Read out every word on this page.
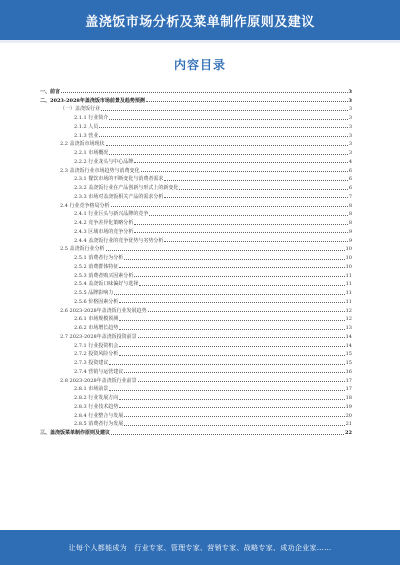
盖浇饭市场分析及菜单制作原则及建议
内容目录
一、前言	3
二、2023-2028年盖浇饭市场前景及趋势预测	3
（一）盖浇饭行业	3
2.1.1 行业简介	3
2.1.2 人员	3
2.1.3 营业	3
2.2 盖浇饭市场现状	3
2.2.1 市场概况	3
2.2.2 行业龙头与中心品牌	4
2.3 盖浇饭行业市场趋势与消费变化	6
2.3.1 餐饮市场的不断变化与消费者需求	6
2.3.2 盖浇饭行业在产品创新与形式上的新变化	6
2.3.3 市场对盖浇饭相关产品的需求分析	7
2.4 行业竞争格局分析	8
2.4.1 行业巨头与新兴品牌的竞争	8
2.4.2 竞争差异化策略分析	8
2.4.3 区域市场的竞争分析	9
2.4.4 盖浇饭行业的竞争优势与劣势分析	9
2.5 盖浇饭行业分析	10
2.5.1 消费者行为分析	10
2.5.2 消费群体特征	10
2.5.3 消费者购买因素分析	11
2.5.4 盖浇饭口味偏好与选择	11
2.5.5 品牌影响力	11
2.5.6 价格因素分析	11
2.6 2023-2028年盖浇饭行业发展趋势	12
2.6.1 市场规模预测	12
2.6.2 市场增长趋势	13
2.7 2023-2028年盖浇饭投资前景	14
2.7.1 行业投资机会	14
2.7.2 投资风险分析	15
2.7.3 投资建议	15
2.7.4 营销与运营建议	16
2.8 2023-2028年盖浇饭行业前景	17
2.8.1 市场前景	17
2.8.2 行业发展方向	18
2.8.3 行业技术趋势	19
2.8.4 行业整合与发展	20
2.8.5 消费者行为发展	21
三、盖浇饭菜单制作原则及建议	22
让每个人都能成为　行业专家、管理专家、营销专家、战略专家、成功企业家……
